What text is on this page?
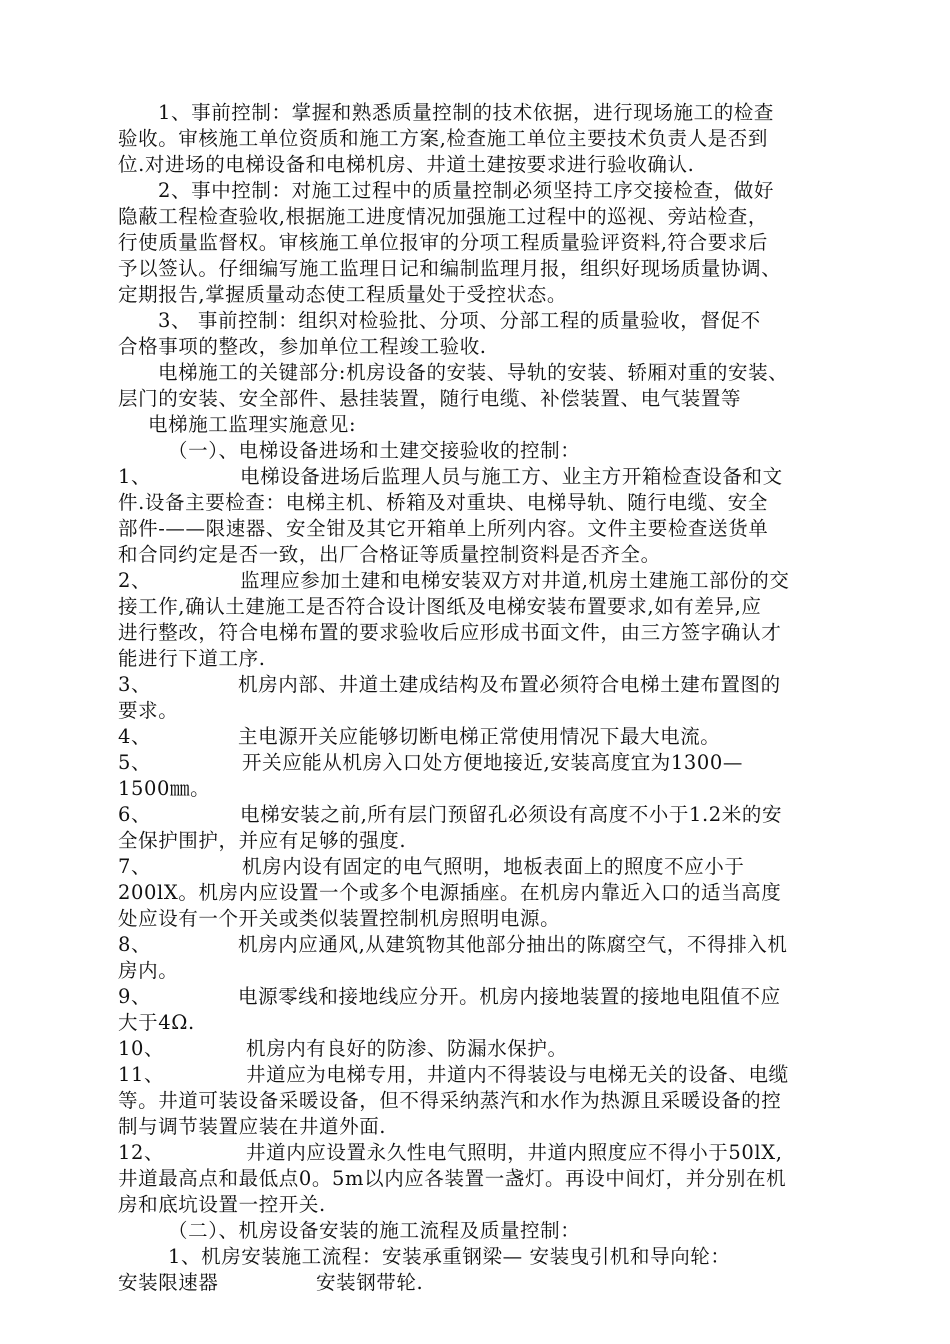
1、事前控制：掌握和熟悉质量控制的技术依据，进行现场施工的检查
验收。审核施工单位资质和施工方案,检查施工单位主要技术负责人是否到
位.对进场的电梯设备和电梯机房、井道土建按要求进行验收确认.
2、事中控制：对施工过程中的质量控制必须坚持工序交接检查，做好
隐蔽工程检查验收,根据施工进度情况加强施工过程中的巡视、旁站检查，
行使质量监督权。审核施工单位报审的分项工程质量验评资料,符合要求后
予以签认。仔细编写施工监理日记和编制监理月报，组织好现场质量协调、
定期报告,掌握质量动态使工程质量处于受控状态。
3、 事前控制：组织对检验批、分项、分部工程的质量验收，督促不
合格事项的整改，参加单位工程竣工验收.
电梯施工的关键部分:机房设备的安装、导轨的安装、轿厢对重的安装、
层门的安装、安全部件、悬挂装置，随行电缆、补偿装置、电气装置等
电梯施工监理实施意见:
（一）、电梯设备进场和土建交接验收的控制：
1、	电梯设备进场后监理人员与施工方、业主方开箱检查设备和文
件.设备主要检查：电梯主机、桥箱及对重块、电梯导轨、随行电缆、安全
部件-——限速器、安全钳及其它开箱单上所列内容。文件主要检查送货单
和合同约定是否一致，出厂合格证等质量控制资料是否齐全。
2、	监理应参加土建和电梯安装双方对井道,机房土建施工部份的交
接工作,确认土建施工是否符合设计图纸及电梯安装布置要求,如有差异,应
进行整改，符合电梯布置的要求验收后应形成书面文件，由三方签字确认才
能进行下道工序.
3、	机房内部、井道土建成结构及布置必须符合电梯土建布置图的
要求。
4、	主电源开关应能够切断电梯正常使用情况下最大电流。
5、	开关应能从机房入口处方便地接近,安装高度宜为1300—
1500㎜。
6、	电梯安装之前,所有层门预留孔必须设有高度不小于1.2米的安
全保护围护，并应有足够的强度.
7、	机房内设有固定的电气照明，地板表面上的照度不应小于
200lX。机房内应设置一个或多个电源插座。在机房内靠近入口的适当高度
处应设有一个开关或类似装置控制机房照明电源。
8、	机房内应通风,从建筑物其他部分抽出的陈腐空气，不得排入机
房内。
9、	电源零线和接地线应分开。机房内接地装置的接地电阻值不应
大于4Ω.
10、	机房内有良好的防渗、防漏水保护。
11、	井道应为电梯专用，井道内不得装设与电梯无关的设备、电缆
等。井道可装设备采暖设备，但不得采纳蒸汽和水作为热源且采暖设备的控
制与调节装置应装在井道外面.
12、	井道内应设置永久性电气照明，井道内照度应不得小于50lX,
井道最高点和最低点0。5m以内应各装置一盏灯。再设中间灯，并分别在机
房和底坑设置一控开关.
（二）、机房设备安装的施工流程及质量控制：
1、机房安装施工流程：安装承重钢梁— 安装曳引机和导向轮：
安装限速器	安装钢带轮.
